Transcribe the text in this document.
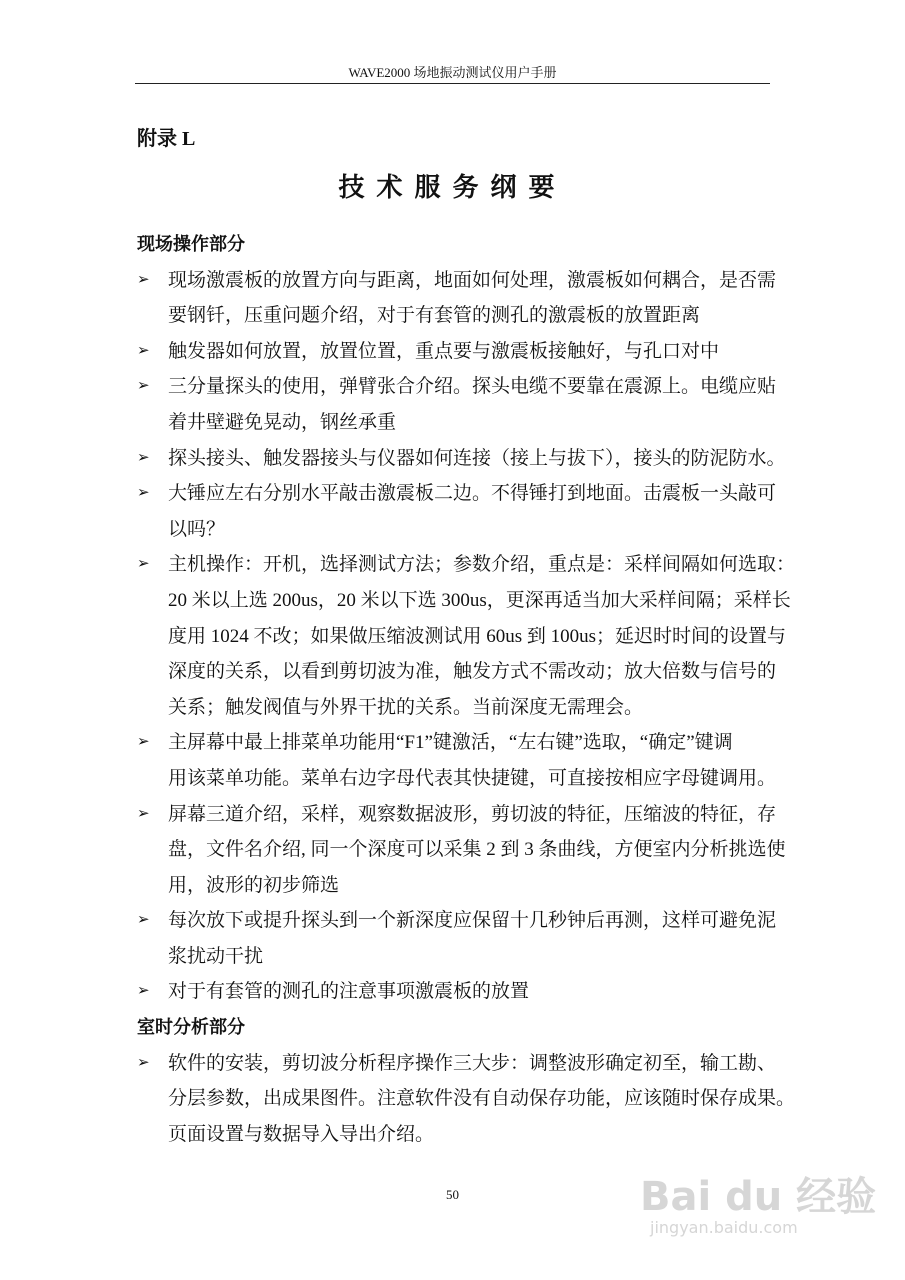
WAVE2000 场地振动测试仪用户手册
附录 L
技术服务纲要
现场操作部分
➢ 现场激震板的放置方向与距离，地面如何处理，激震板如何耦合，是否需
要钢钎，压重问题介绍，对于有套管的测孔的激震板的放置距离
➢ 触发器如何放置，放置位置，重点要与激震板接触好，与孔口对中
➢ 三分量探头的使用，弹臂张合介绍。探头电缆不要靠在震源上。电缆应贴
着井壁避免晃动，钢丝承重
➢ 探头接头、触发器接头与仪器如何连接（接上与拔下），接头的防泥防水。
➢ 大锤应左右分别水平敲击激震板二边。不得锤打到地面。击震板一头敲可
以吗？
➢ 主机操作：开机，选择测试方法；参数介绍，重点是：采样间隔如何选取：
20 米以上选 200us，20 米以下选 300us，更深再适当加大采样间隔；采样长
度用 1024 不改；如果做压缩波测试用 60us 到 100us；延迟时时间的设置与
深度的关系，以看到剪切波为准，触发方式不需改动；放大倍数与信号的
关系；触发阀值与外界干扰的关系。当前深度无需理会。
➢ 主屏幕中最上排菜单功能用“F1”键激活，“左右键”选取，“确定”键调
用该菜单功能。菜单右边字母代表其快捷键，可直接按相应字母键调用。
➢ 屏幕三道介绍，采样，观察数据波形，剪切波的特征，压缩波的特征，存
盘，文件名介绍, 同一个深度可以采集 2 到 3 条曲线，方便室内分析挑选使
用，波形的初步筛选
➢ 每次放下或提升探头到一个新深度应保留十几秒钟后再测，这样可避免泥
浆扰动干扰
➢ 对于有套管的测孔的注意事项激震板的放置
室时分析部分
➢ 软件的安装，剪切波分析程序操作三大步：调整波形确定初至，输工勘、
分层参数，出成果图件。注意软件没有自动保存功能，应该随时保存成果。
页面设置与数据导入导出介绍。
50	Bai du 经验
jingyan.baidu.com
